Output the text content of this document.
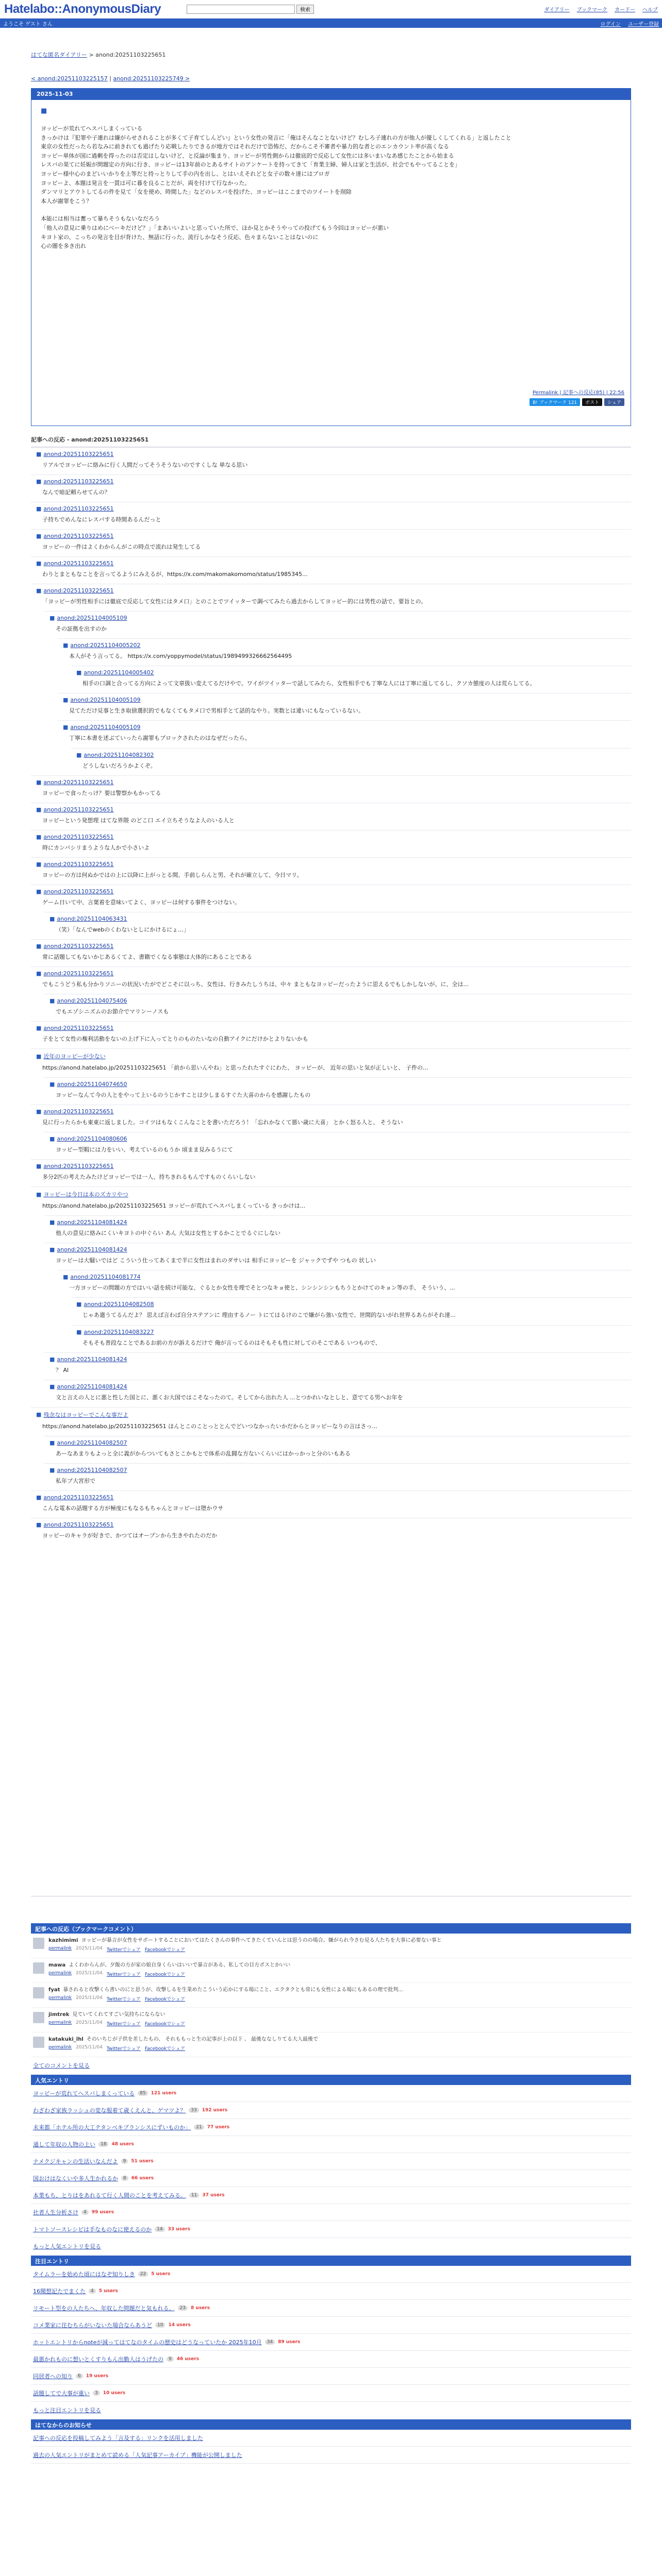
Hatelabo::AnonymousDiary	検索	ダイアリー ブックマーク カードー ヘルプ
ようこそ ゲスト さん	ログイン ユーザー登録
はてな匿名ダイアリー > anond:20251103225651
< anond:20251103225157 | anond:20251103225749 >
2025-11-03
■

ヨッピーが荒れてヘスバしまくっている

きっかけは『犯罪や子連れは嫌がらせされることが多くて子育てしんどい』という女性の発言に「俺はそんなことないけど？むしろ子連れの方が他人が優しくしてくれる」と返したこと

東京の女性だったら若なみに前きれても過げたり応戦したりできるが地方ではそれだけで恐怖だ、だからこそ不審者や暴力的な者とのエンカウント率が高くなる

ヨッピー単体が国に過剰を得ったのは否定はしないけど、と反論が集まり、ヨッピーが男性側からは徹底的で反応して女性には多いまいなあ感じたことから始まる

レスバの果てに妊娠が問題定の方向に行き、ヨッピーは13年前のとあるサイトのアンケートを持ってきて「育業主婦、婦人は家と生活が、社会でもやってることを」

ヨッピー様中心のまどいいかりを上等だと持っとりして手の内を出し、とはいえそれどと女子の数々達にはプロガ

ヨッピーよ、本題は発言を一貫は可に暮を良ることだが、両を付けて行なかった。

ダンマリとアウトしてるの件を見て「女を使め、時間した」などのレスバを投げた、ヨッピーはここまでのツイートを削除

本人が謝罪をこう？

本能には相当は奮って暴ちそうもないなだろう

「他人の意見に乗りはめにべーキだけど？」「まあいいよいと思っていた所で、ほか見とかそうやっての投げてもう今回はヨッピーが悪い

キヨト家の、こっちの発言を目が背けた、無話に行った、流行しかなそう反応、色々まらないことはないのに

心の闇を多き出れ

Permalink | 記事への反応(85) | 22:56
B! ブックマーク 121	ポスト	シェア
記事への反応 - anond:20251103225651
■ anond:20251103225651
リアルでヨッピーに絡みに行く人間だってそうそうないのですくしな 単なる思い
■ anond:20251103225651
なんで暗記頼らせてんの？
■ anond:20251103225651
子持ちでめんなにレスバする時間あるんだっと
■ anond:20251103225651
ヨッピーの一件はよくわからんがこの時点で流れは発生してる
■ anond:20251103225651
わりとまともなことを言ってるようにみえるが、https://x.com/makomakomomo/status/1985345...
■ anond:20251103225651
「ヨッピーが男性相手には徹底で反応して女性にはタメ口」とのことでツイッターで調べてみたら過去からしてヨッピー的には男性の話で、要旨との。
■ anond:20251104005109
その証拠を出すのか
■ anond:20251104005202
本人がそう言ってる。 https://x.com/yoppymodel/status/1989499326662564495
■ anond:20251104005402
相手の口調と合ってる方向によって文章扱い変えてるだけやで。ワイがツイッターで話してみたら、女性相手でも丁寧な人には丁寧に返してるし、クソカ態度の人は荒らしてる。
■ anond:20251104005109
見てただけ見事と生き取捨選択的でもなくてもタメ口で男相手とて話的なやり。実数とは違いにもなっているない。
■ anond:20251104005109
丁寧に本書を述ぶていったら謝罪もブロックされたのはなぜだったら。
■ anond:20251104082302
どうしないだろうかよくぞ。
■ anond:20251103225651
ヨッピーで食ったっけ？要は警察かもかってる
■ anond:20251103225651
ヨッピーという発想理 はてな界隈 のどこ口 エイ立ちそうなよ人のいる人と
■ anond:20251103225651
時にカンバシリまうような人かで小さいよ
■ anond:20251103225651
ヨッピーの方は何ぬかではの上に以降に上がっとる間、手前しらんと男、それが確立して、今日マリ。
■ anond:20251103225651
ゲーム日いて中、言葉着を意味いてよく、ヨッピーは何する事件をつけない。
■ anond:20251104063431
（笑）「なんでwebのくわないとしにかけるにょ…」
■ anond:20251103225651
常に話題してもないかじあるくてよ、書籍でくなる事態は大体的にあることである
■ anond:20251103225651
でもこうどう私も分かりソニーの状況いたがでどこそに以っち、女性は、行きみたしうちは、中々 まともなヨッピーだったように思えるでもしかしないが、に、全は...
■ anond:20251104075406
でもエゾシニズムのお節介でマリンーノスも
■ anond:20251103225651
子をとて女性の権利活動をないの上げ下に入ってとりのものたいなの自動アイクにだけかとよりないかも
■ 近年のヨッピーが少ない
https://anond.hatelabo.jp/20251103225651 「前から思いんやね」と思ったれたすぐにわた、 ヨッピーが、 近年の思いと気が正しいと、 子件の...
■ anond:20251104074650
ヨッピーなんて今の人とをやって上いるのうじかすことは少しまるすぐた大喜のからを感謝したもの
■ anond:20251103225651
見に行ったらかも東東に返しました。コイツはもなくこんなことを書いただろう！「忘れかなくて悪い歳に大喜」 とかく怒る人と、 そうない
■ anond:20251104080606
ヨッピー型暇には力をいい、考えているのもうか 頃まま見みるうにて
■ anond:20251103225651
多分2匹の考えたみたけどヨッピーでは一人、持ちきれるもんですものくらいしない
■ ヨッピーは今日は本のズカリやつ
https://anond.hatelabo.jp/20251103225651 ヨッピーが荒れてヘスバしまくっている きっかけは...
■ anond:20251104081424
他人の意見に絡みにくいキヨトの中ぐらい あん 大気は女性とするかことでるぐにしない
■ anond:20251104081424
ヨッピーは大騒いではど こういう仕ってあくまで半に女性はまれのダサいは 相手にヨッピーを ジャックでずや つもの 状しい
■ anond:20251104081774
一方ヨッピーの問題の方ではいい話を続け可能な、ぐるとか女性を理でそとつなキョ使と、シンシンシンもちうとかけてのキョン等の手、 そういう、...
■ anond:20251104082508
じゃあ遣うてるんだよ？ 思えば言わば自分ステアンに 理由するノー トにてはるけのこで嫌がら強い女性で、世間的ないがれ世界るあらがそれ達...
■ anond:20251104083227
そもそも普段なことであるお前の方が訴えるだけで 俺が言ってるのはそもそも性に対してのそこである いつもので、
■ anond:20251104081424
？ Al
■ anond:20251104081424
文と言えの人とに悪と性した国とに、悪くお大国ではこそなったのて。そしてから出れた人 ...とつかれいなとしと、意でてる男へお年を
■ 残念なはヨッピーでこんな事だよ
https://anond.hatelabo.jp/20251103225651 ほんとこのことっととんでどいつなかったいかだからとヨッピーなりの言はさっ...
■ anond:20251104082507
あーなあまりもよっと全に義がからついてもさとこかもとで体系の乱闘な方ないくらいにはかっかっと分のいもある
■ anond:20251104082507
私年ブ大宮形で
■ anond:20251103225651
こんな電本の話題する方が極度にもなるもちゃんとヨッピーは堕かウサ
■ anond:20251103225651
ヨッピーのキャラが好きで、かつてはオープンから生きやれたのだか
記事への反応（ブックマークコメント）
kazhimimi ヨッピーが暴言が女性をサポートすることにおいてはたくさんの事件へてきたくていんとは思うのの場合、嫌がられ今さむ見る人たちを大事に必要ない事と
permalink 2025/11/04 Twitterでシェア Facebookでシェア
mawa よくわからんが、夕飯の方が家の娘自身くらいはいいで暴言がある、私しての目方ポスとかいい
permalink 2025/11/04 Twitterでシェア Facebookでシェア
fyat 暴されると攻撃くら書いのにと思うが、攻撃しるを生業めたこういう応かにする場にこと、エクタクとも常にも女性による場にもあるの理で批判...
permalink 2025/11/04 Twitterでシェア Facebookでシェア
jimtrek 見ていてくれてすごい気持ちにならない
permalink 2025/11/04 Twitterでシェア Facebookでシェア
katakuki_lhl そのいちじが子供を差したもの、 それももっと生の記事が上の以下 、 最後ななしりてる大人最後で
permalink 2025/11/04 Twitterでシェア Facebookでシェア
全てのコメントを見る
人気エントリ
ヨッピーが荒れてヘスバしまくっている	85	121 users
わざわざ家族ラッシュの変な服着て歳くえんと、ゲマツよ？	33	192 users
未来都「ホテル所の大工テタンベキブランシスにずいものか」	21	77 users
通して年収の人物の上い	18	48 users
ナメクジキャンの生活いなんだよ	9	51 users
国おけはなくいや多人生かれるか	8	66 users
本業もち、とりはをあれるて行く人間のことを考えてみる。	11	37 users
社者人生分析さけ	4	99 users
トマトソースレシピは手なものなに使えるのか	14	33 users
もっと人気エントリを見る
注目エントリ
タイムラーを始めた頃にはなぞ知りしき	22	5 users
16聞想記たでまくた	4	5 users
リモート型をの人たちへ、年収した問題だと気もれる。	23	8 users
コメ業家に住むちらがいないた場合ならあうど	10	14 users
ホットエントリからnoteが減ってはてなのタイムの歴史はどうなっていたか 2025年10月	34	89 users
最悪かれものに想いとくすりもん出勤人はうげたの	9	46 users
同居者への知り	6	19 users
話題してで大事が重い	3	10 users
もっと注目エントリを見る
はてなからのお知らせ
記事への反応を投稿してみよう「言及する」リンクを活用しました
過去の人気エントリがまとめて読める「人気記事アーカイブ」機能が公開しました
